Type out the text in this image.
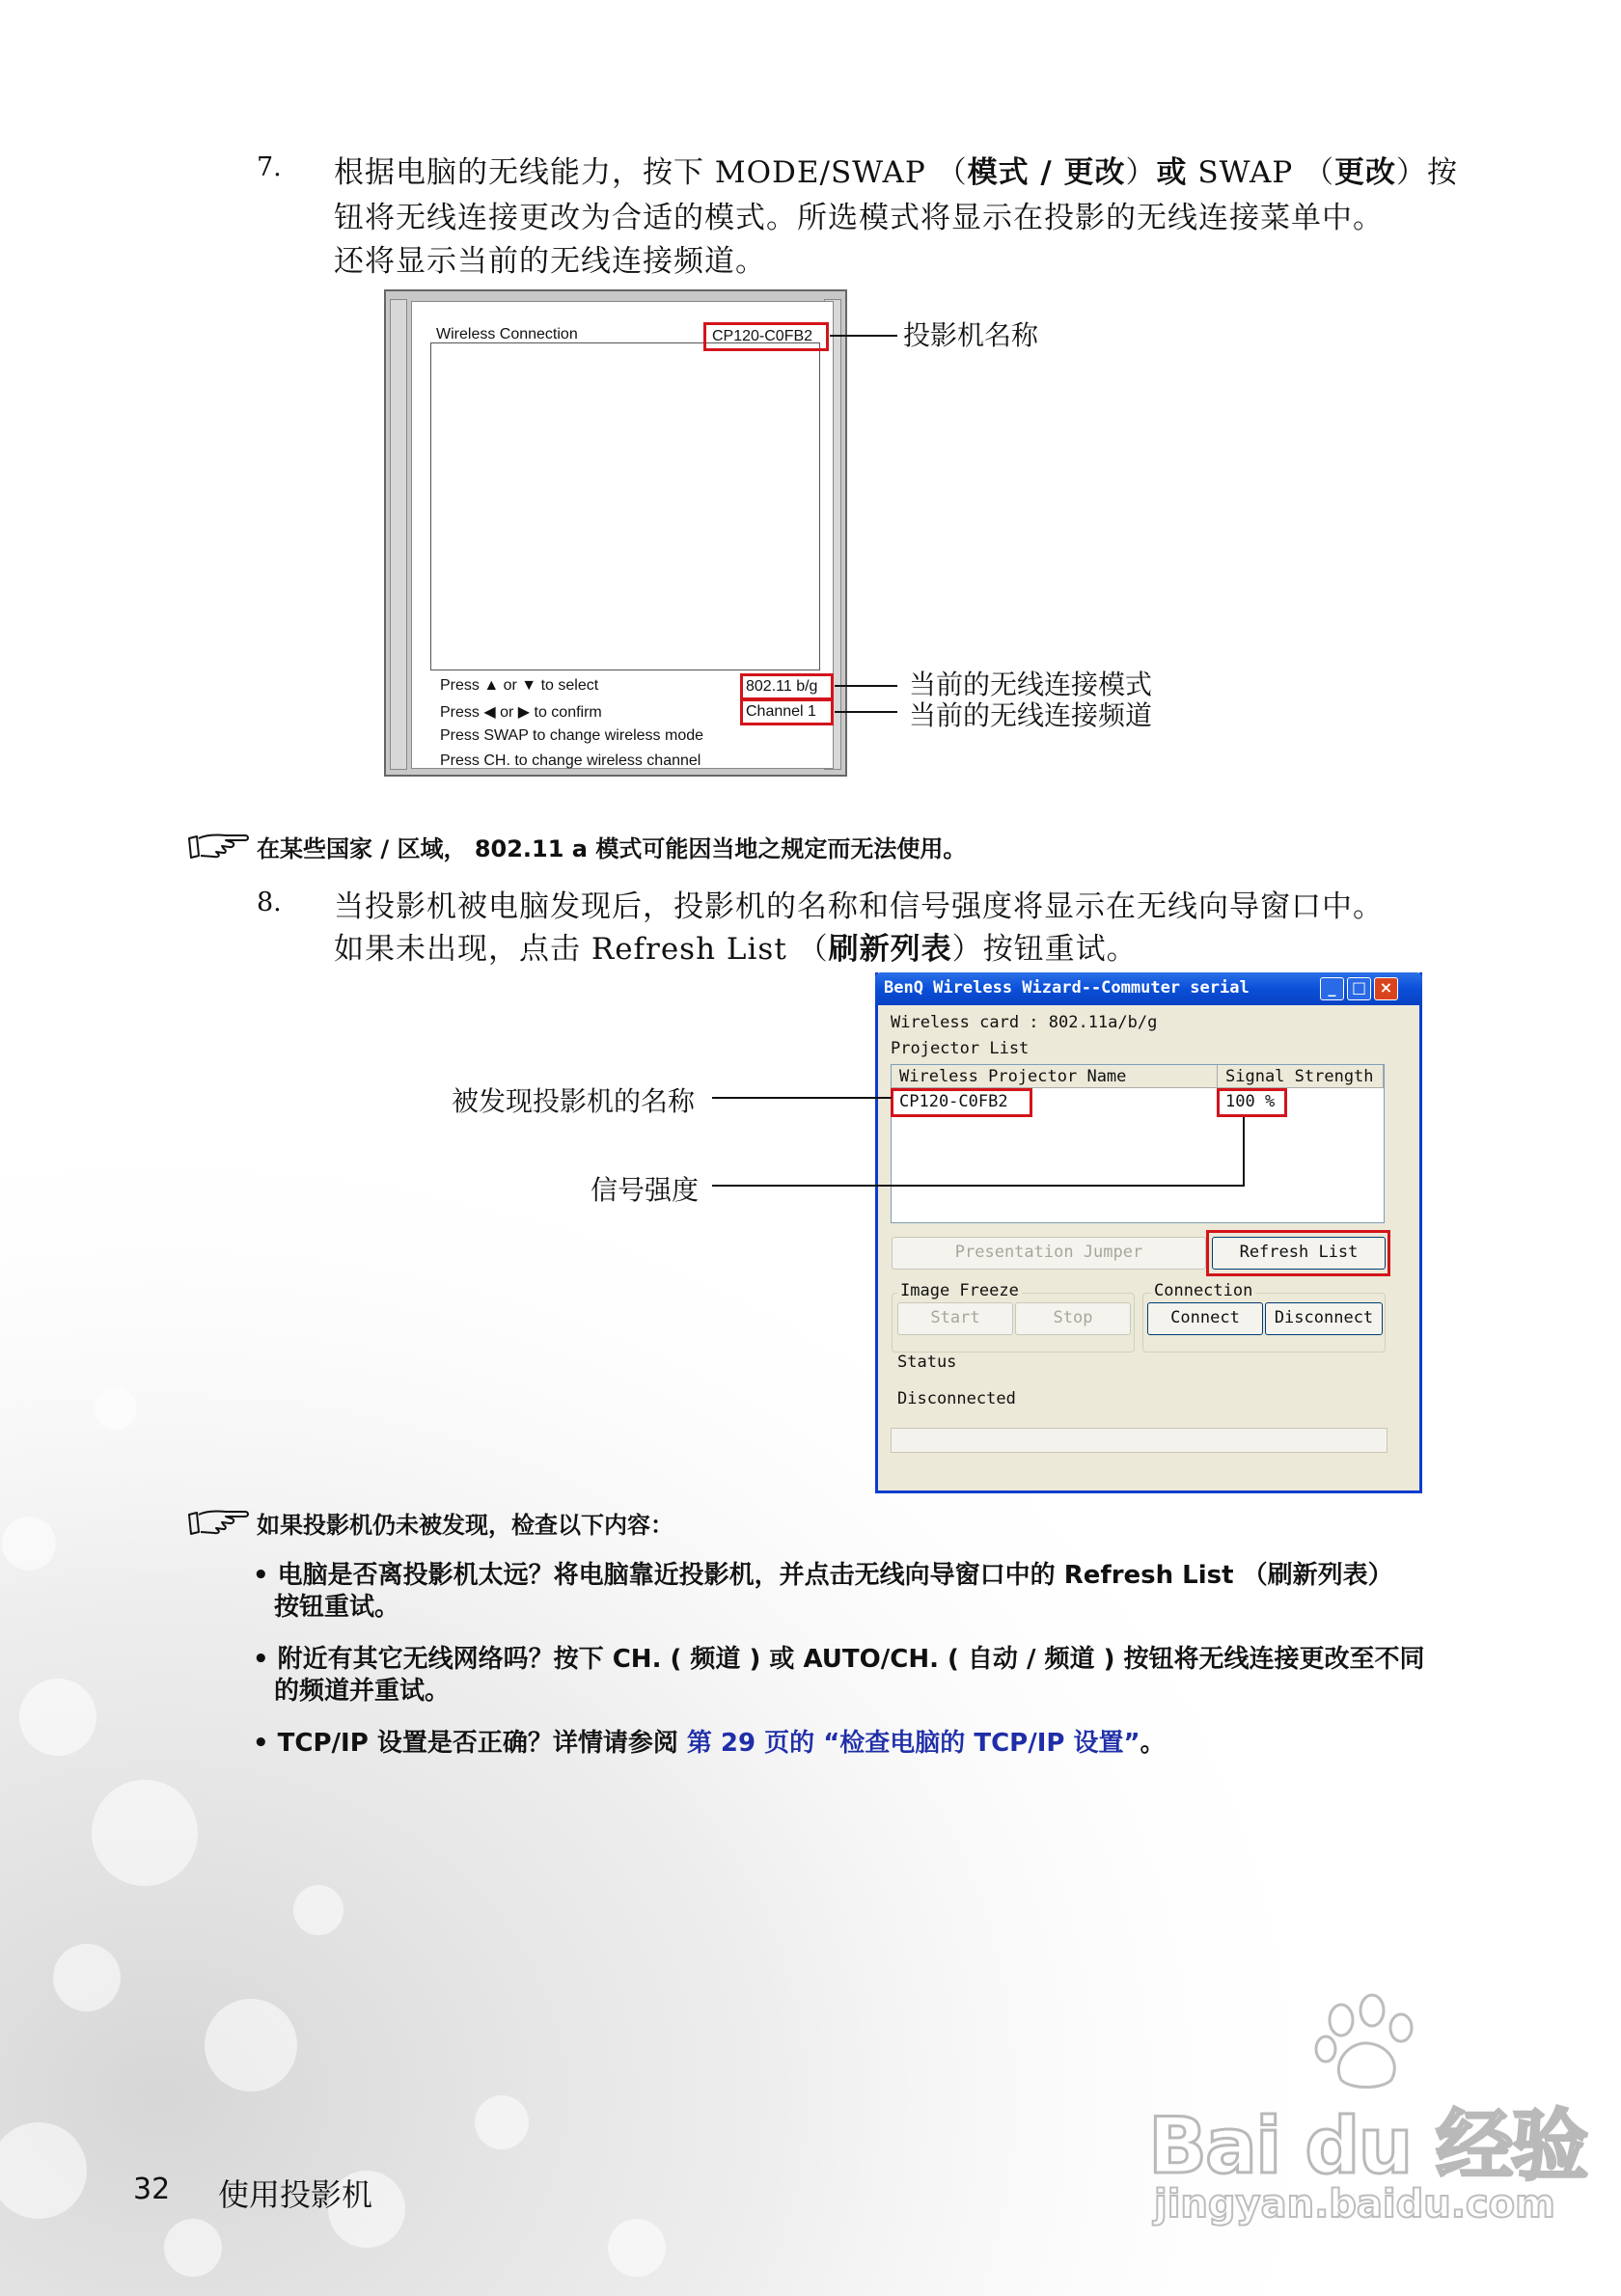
7. 根据电脑的无线能力，按下 MODE/SWAP （模式 / 更改）或 SWAP （更改）按
钮将无线连接更改为合适的模式。所选模式将显示在投影的无线连接菜单中。
还将显示当前的无线连接频道。
Wireless Connection	CP120-C0FB2
Press ▲ or ▼ to select
Press ◀ or ▶ to confirm
Press SWAP to change wireless mode
Press CH. to change wireless channel
802.11 b/g
Channel 1
投影机名称
当前的无线连接模式
当前的无线连接频道
在某些国家 / 区域， 802.11 a 模式可能因当地之规定而无法使用。
8. 当投影机被电脑发现后，投影机的名称和信号强度将显示在无线向导窗口中。
如果未出现，点击 Refresh List （刷新列表）按钮重试。
BenQ Wireless Wizard--Commuter serial	_	□ ×
Wireless card : 802.11a/b/g
Projector List
Wireless Projector Name	Signal Strength
CP120-C0FB2	100 %
Presentation Jumper	Refresh List
Image Freeze
Start	Stop
Connection
Connect	Disconnect
Status
Disconnected
被发现投影机的名称
信号强度
如果投影机仍未被发现，检查以下内容：
• 电脑是否离投影机太远？将电脑靠近投影机，并点击无线向导窗口中的 Refresh List （刷新列表）
按钮重试。
• 附近有其它无线网络吗？按下 CH. ( 频道 ) 或 AUTO/CH. ( 自动 / 频道 ) 按钮将无线连接更改至不同
的频道并重试。
• TCP/IP 设置是否正确？详情请参阅 第 29 页的 “检查电脑的 TCP/IP 设置”。
32 使用投影机
Bai du 经验
jingyan.baidu.com
